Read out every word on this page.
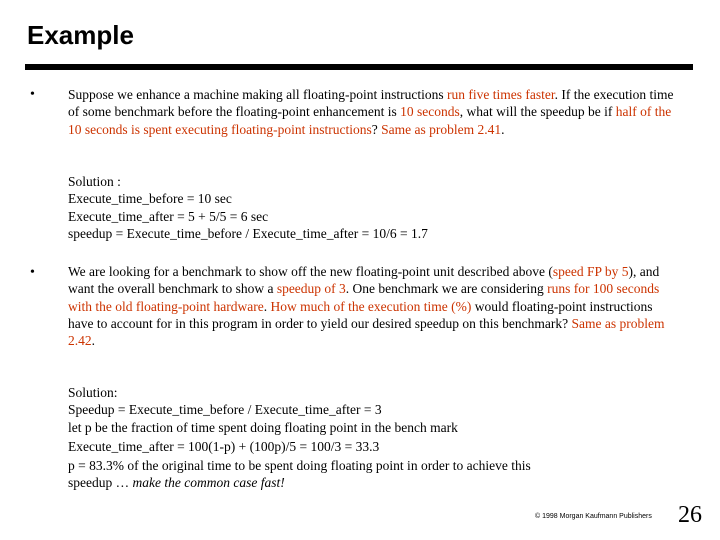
Example
• Suppose we enhance a machine making all floating-point instructions run five times faster. If the execution time of some benchmark before the floating-point enhancement is 10 seconds, what will the speedup be if half of the 10 seconds is spent executing floating-point instructions? Same as problem 2.41.
Solution :
Execute_time_before = 10 sec
Execute_time_after = 5 + 5/5 = 6 sec
speedup = Execute_time_before / Execute_time_after = 10/6 = 1.7
• We are looking for a benchmark to show off the new floating-point unit described above (speed FP by 5), and want the overall benchmark to show a speedup of 3. One benchmark we are considering runs for 100 seconds with the old floating-point hardware. How much of the execution time (%) would floating-point instructions have to account for in this program in order to yield our desired speedup on this benchmark? Same as problem 2.42.
Solution:
Speedup = Execute_time_before / Execute_time_after = 3
let p be the fraction of time spent doing floating point in the bench mark
Execute_time_after = 100(1-p) + (100p)/5 = 100/3 = 33.3
p = 83.3% of the original time to be spent doing floating point in order to achieve this
speedup … make the common case fast!
© 1998 Morgan Kaufmann Publishers 26
